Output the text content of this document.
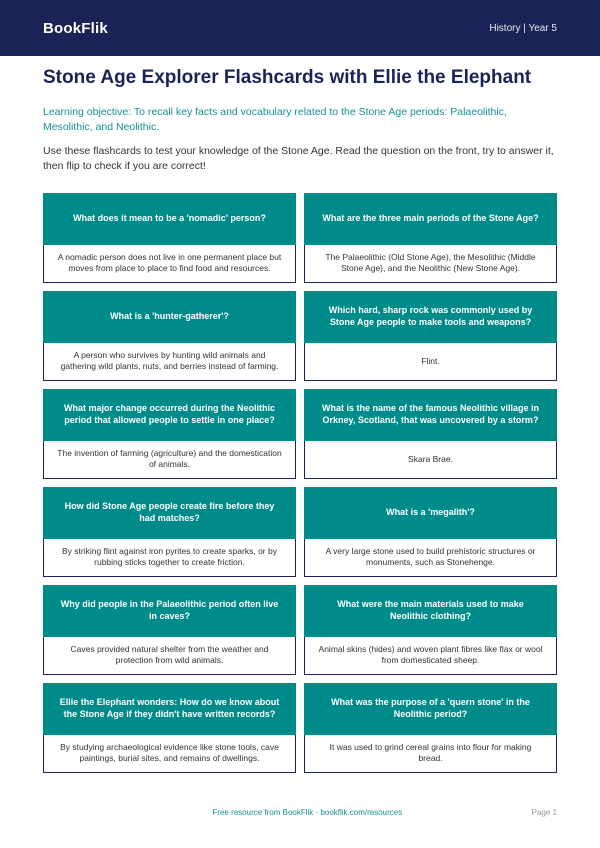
BookFlik	History | Year 5
Stone Age Explorer Flashcards with Ellie the Elephant
Learning objective: To recall key facts and vocabulary related to the Stone Age periods: Palaeolithic, Mesolithic, and Neolithic.
Use these flashcards to test your knowledge of the Stone Age. Read the question on the front, try to answer it, then flip to check if you are correct!
What does it mean to be a 'nomadic' person?
A nomadic person does not live in one permanent place but moves from place to place to find food and resources.
What are the three main periods of the Stone Age?
The Palaeolithic (Old Stone Age), the Mesolithic (Middle Stone Age), and the Neolithic (New Stone Age).
What is a 'hunter-gatherer'?
A person who survives by hunting wild animals and gathering wild plants, nuts, and berries instead of farming.
Which hard, sharp rock was commonly used by Stone Age people to make tools and weapons?
Flint.
What major change occurred during the Neolithic period that allowed people to settle in one place?
The invention of farming (agriculture) and the domestication of animals.
What is the name of the famous Neolithic village in Orkney, Scotland, that was uncovered by a storm?
Skara Brae.
How did Stone Age people create fire before they had matches?
By striking flint against iron pyrites to create sparks, or by rubbing sticks together to create friction.
What is a 'megalith'?
A very large stone used to build prehistoric structures or monuments, such as Stonehenge.
Why did people in the Palaeolithic period often live in caves?
Caves provided natural shelter from the weather and protection from wild animals.
What were the main materials used to make Neolithic clothing?
Animal skins (hides) and woven plant fibres like flax or wool from domesticated sheep.
Ellie the Elephant wonders: How do we know about the Stone Age if they didn't have written records?
By studying archaeological evidence like stone tools, cave paintings, burial sites, and remains of dwellings.
What was the purpose of a 'quern stone' in the Neolithic period?
It was used to grind cereal grains into flour for making bread.
Free resource from BookFlik · bookflik.com/resources	Page 1
